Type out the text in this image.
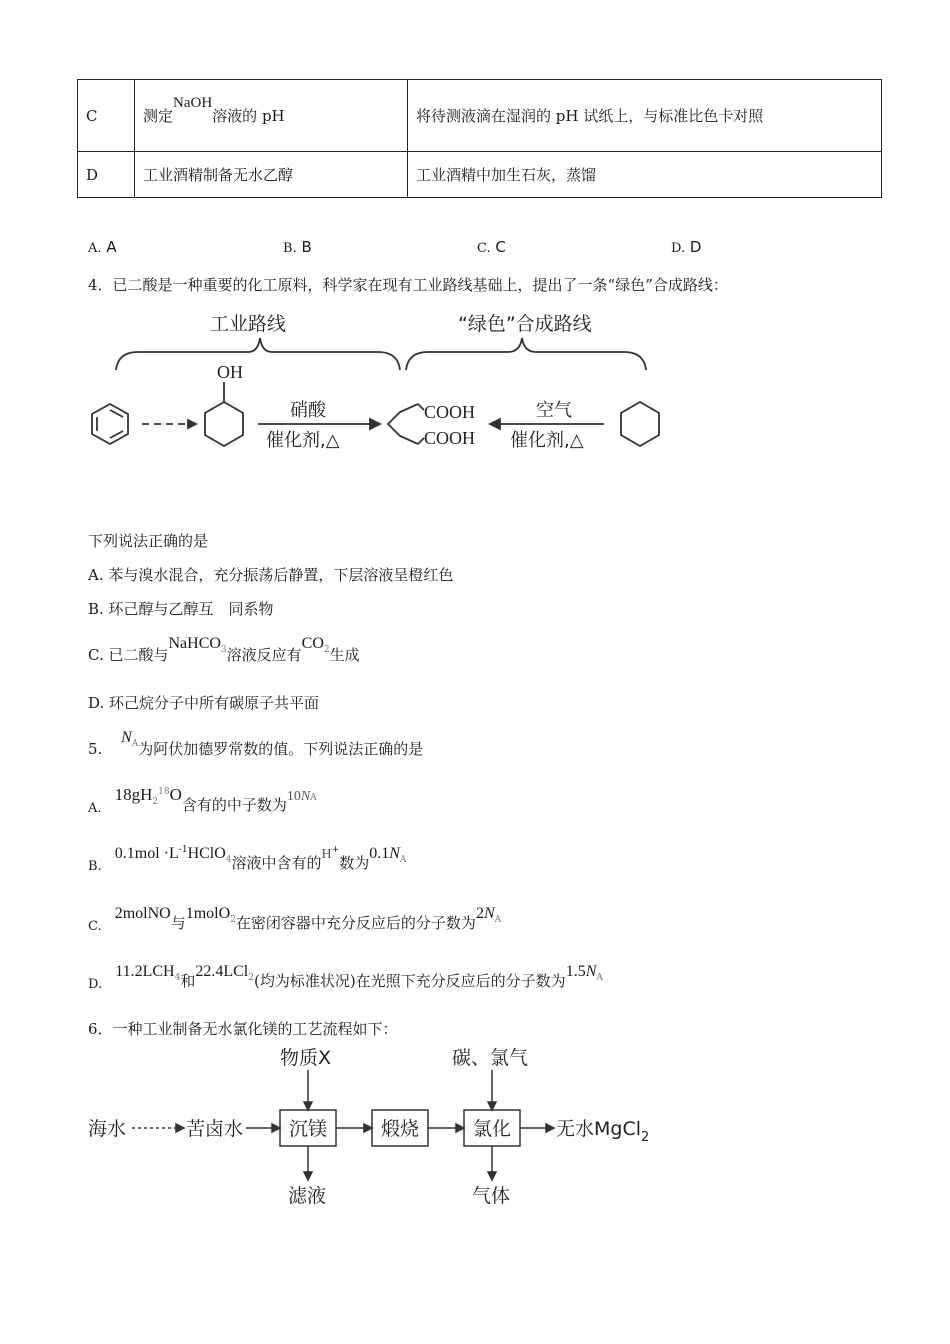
C	测定NaOH溶液的 pH	将待测液滴在湿润的 pH 试纸上，与标准比色卡对照
D	工业酒精制备无水乙醇	工业酒精中加生石灰，蒸馏
A. A	B. B	C. C	D. D
4．已二酸是一种重要的化工原料，科学家在现有工业路线基础上，提出了一条“绿色”合成路线：
工业路线	“绿色”合成路线
OH
硝酸
催化剂,△
COOH
COOH
空气
催化剂,△
下列说法正确的是
A. 苯与溴水混合，充分振荡后静置，下层溶液呈橙红色
B. 环己醇与乙醇互　同系物
C. 已二酸与NaHCO$_3$溶液反应有$CO_2$生成
D. 环己烷分子中所有碳原子共平面
5. $N_A$为阿伏加德罗常数的值。下列说法正确的是
$_{A.}$ $18gH_2^{18}O$含有的中子数为10NA
$_{B.}$ $0.1mol \cdot L^{-1}HClO_4$溶液中含有的H+数为$0.1N_A$
$_{C.}$ 2molNO与1molO$_2$在密闭容器中充分反应后的分子数为$2N_A$
$_{D.}$ $11.2LCH_4$和22.4LCl$_2$(均为标准状况)在光照下充分反应后的分子数为$1.5N_A$
6．一种工业制备无水氯化镁的工艺流程如下：
海水	苦卤水 沉镁	煅烧	氯化 无水MgCl$_2$
物质X	碳、氯气
滤液	气体
